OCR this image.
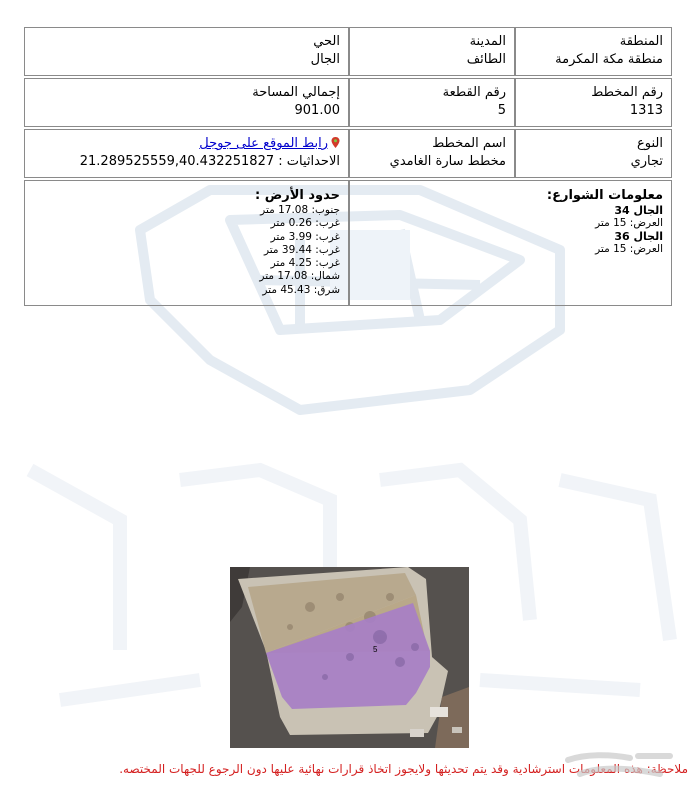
المنطقة
منطقة مكة المكرمة
المدينة
الطائف
الحي
الجال
رقم المخطط
1313
رقم القطعة
5
إجمالي المساحة
901.00
النوع
تجاري
اسم المخطط
مخطط سارة الغامدي
رابط الموقع على جوجل
الاحداثيات : 21.289525559,40.432251827
معلومات الشوارع:
الجال 34
العرض: 15 متر
الجال 36
العرض: 15 متر
حدود الأرض :
جنوب: 17.08 متر
غرب: 0.26 متر
غرب: 3.99 متر
غرب: 39.44 متر
غرب: 4.25 متر
شمال: 17.08 متر
شرق: 45.43 متر
5
ملاحظة: هذه المعلومات استرشادية وقد يتم تحديثها ولايجوز اتخاذ قرارات نهائية عليها دون الرجوع للجهات المختصه.
